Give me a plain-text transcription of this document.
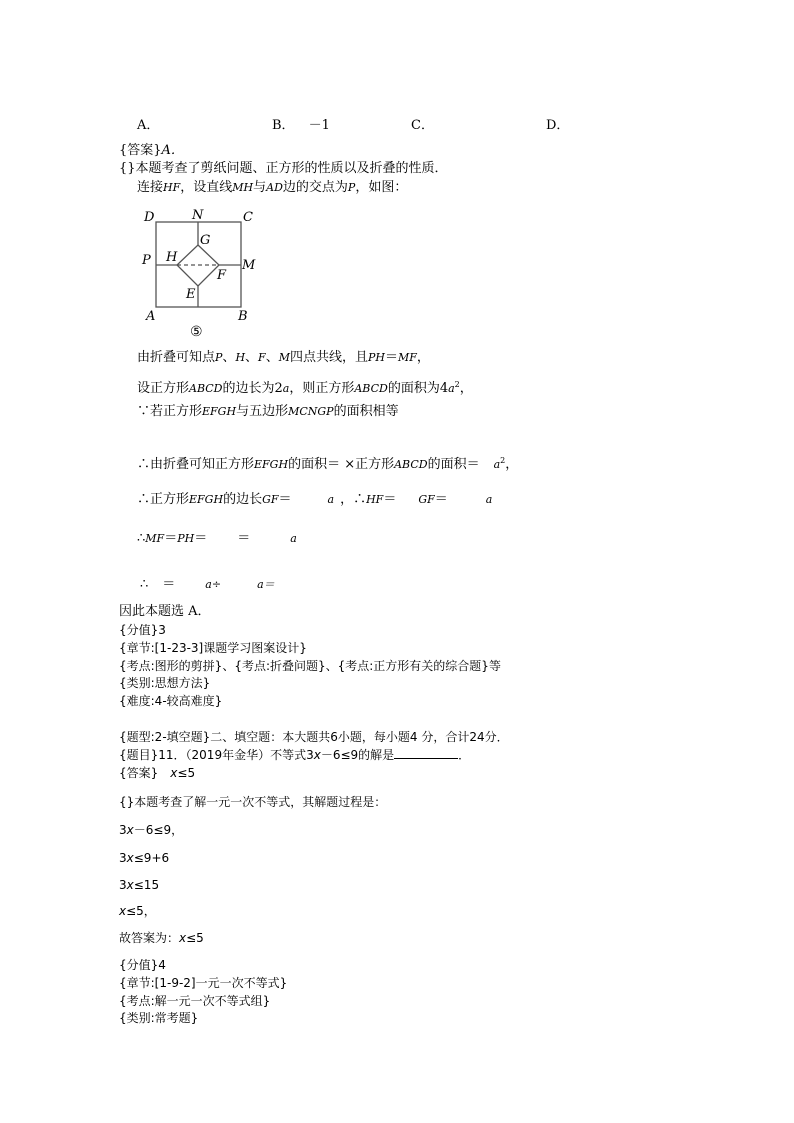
A．	B． －1	C．	D．
{答案}A．
{}本题考查了剪纸问题、正方形的性质以及折叠的性质．
连接HF，设直线MH与AD边的交点为P，如图：
D	N	C
P H
G
F
M
E
A	B
⑤
由折叠可知点P、H、F、M四点共线，且PH＝MF，
设正方形ABCD的边长为2a，则正方形ABCD的面积为$4a^2$，
∵若正方形EFGH与五边形MCNGP的面积相等
∴由折叠可知正方形EFGH的面积＝ ×正方形ABCD的面积＝ $a^2$，
∴正方形EFGH的边长GF＝	a ，∴HF＝ GF＝	a
∴MF＝PH＝ ＝	a
∴ ＝	a÷	a＝
因此本题选 A．
{分值}3
{章节:[1-23-3]课题学习图案设计}
{考点:图形的剪拼}、{考点:折叠问题}、{考点:正方形有关的综合题}等
{类别:思想方法}
{难度:4-较高难度}
{题型:2-填空题}二、填空题：本大题共6小题，每小题4 分，合计24分．
{题目}11．（2019年金华）不等式3x－6≤9的解是	．
{答案} x≤5
{}本题考查了解一元一次不等式，其解题过程是：
3x－6≤9，
3x≤9+6
3x≤15
x≤5，
故答案为：x≤5
{分值}4
{章节:[1-9-2]一元一次不等式}
{考点:解一元一次不等式组}
{类别:常考题}
